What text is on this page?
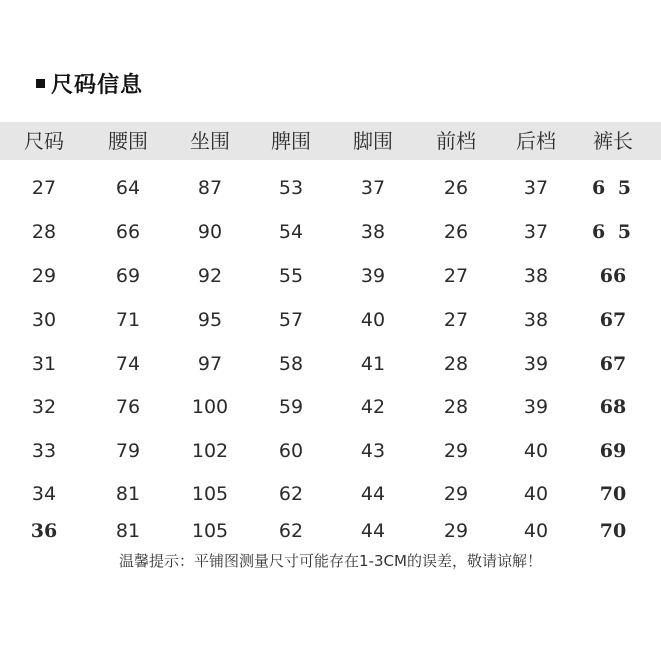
尺码信息
尺码	腰围	坐围	脾围	脚围	前档	后档	裤长
27	64	87	53	37	26	37	6 5
28	66	90	54	38	26	37	6 5
29	69	92	55	39	27	38	66
30	71	95	57	40	27	38	67
31	74	97	58	41	28	39	67
32	76	100	59	42	28	39	68
33	79	102	60	43	29	40	69
34	81	105	62	44	29	40	70
36	81	105	62	44	29	40	70
温馨提示：平铺图测量尺寸可能存在1-3CM的误差，敬请谅解！
